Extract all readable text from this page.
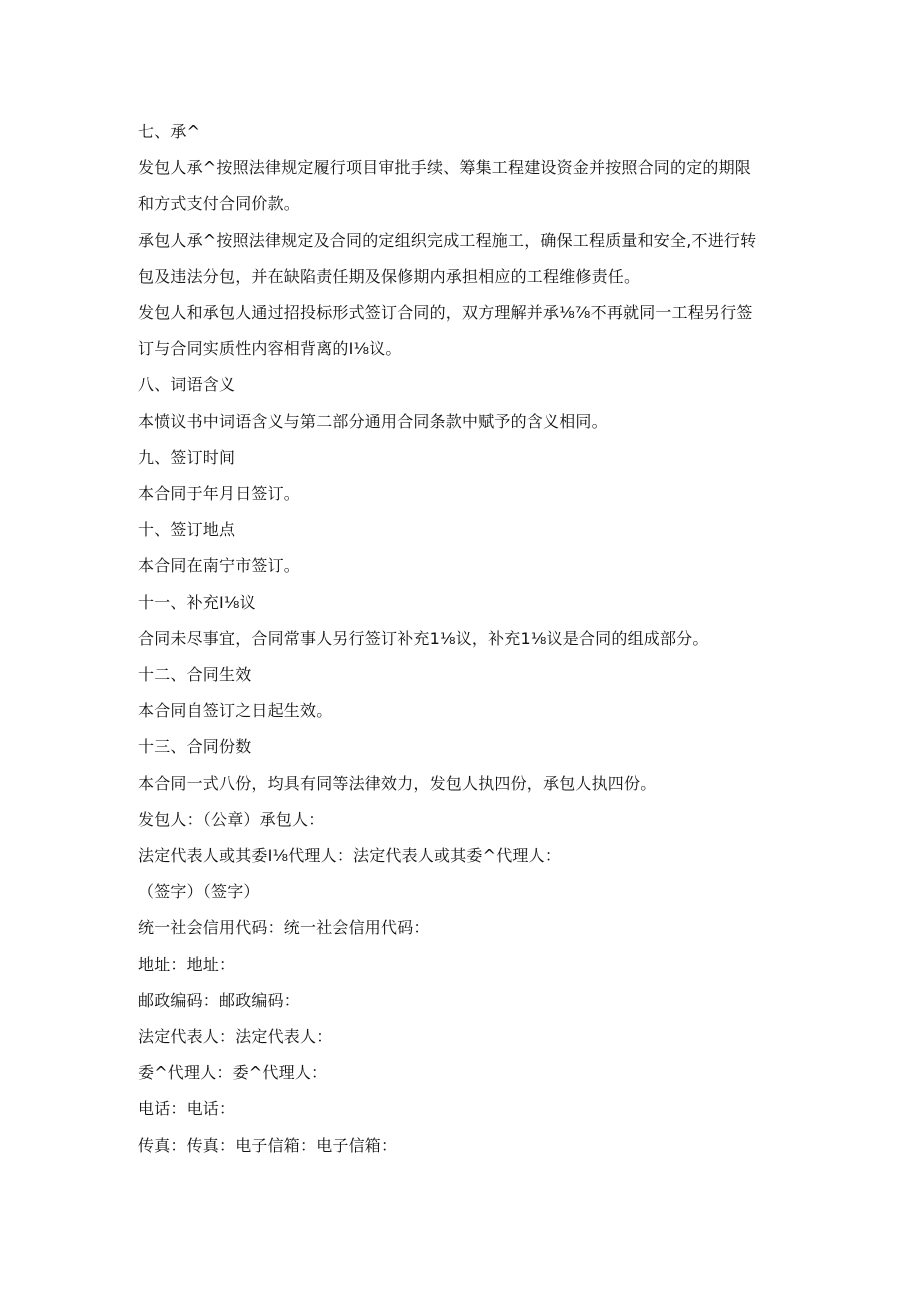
七、承^

发包人承^按照法律规定履行项目审批手续、筹集工程建设资金并按照合同的定的期限

和方式支付合同价款。

承包人承^按照法律规定及合同的定组织完成工程施工，确保工程质量和安全,不进行转

包及违法分包，并在缺陷责任期及保修期内承担相应的工程维修责任。

发包人和承包人通过招投标形式签订合同的，双方理解并承⅛⅞不再就同一工程另行签

订与合同实质性内容相背离的I⅛议。

八、词语含义

本愤议书中词语含义与第二部分通用合同条款中赋予的含义相同。

九、签订时间

本合同于年月日签订。

十、签订地点

本合同在南宁市签订。

十一、补充I⅛议

合同未尽事宜，合同常事人另行签订补充1⅛议，补充1⅛议是合同的组成部分。

十二、合同生效

本合同自签订之日起生效。

十三、合同份数

本合同一式八份，均具有同等法律效力，发包人执四份，承包人执四份。

发包人：（公章）承包人：

法定代表人或其委I⅛代理人：法定代表人或其委^代理人：

（签字）（签字）

统一社会信用代码：统一社会信用代码：

地址：地址：

邮政编码：邮政编码：

法定代表人：法定代表人：

委^代理人：委^代理人：

电话：电话：

传真：传真：电子信箱：电子信箱：
